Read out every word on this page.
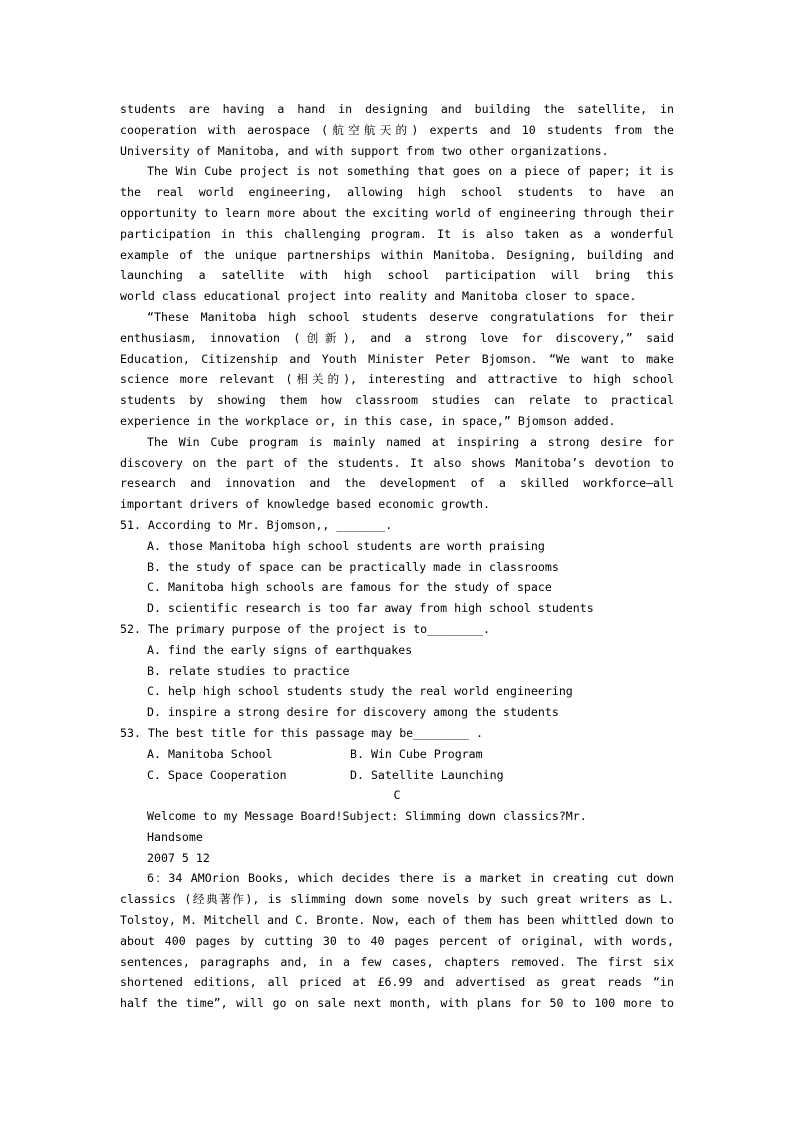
students are having a hand in designing and building the satellite, in
cooperation with aerospace (航空航天的) experts and 10 students from the
University of Manitoba, and with support from two other organizations.
The Win Cube project is not something that goes on a piece of paper; it is
the real world engineering, allowing high school students to have an
opportunity to learn more about the exciting world of engineering through their
participation in this challenging program. It is also taken as a wonderful
example of the unique partnerships within Manitoba. Designing, building and
launching a satellite with high school participation will bring this
world class educational project into reality and Manitoba closer to space.
“These Manitoba high school students deserve congratulations for their
enthusiasm, innovation (创新), and a strong love for discovery,” said
Education, Citizenship and Youth Minister Peter Bjomson. “We want to make
science more relevant (相关的), interesting and attractive to high school
students by showing them how classroom studies can relate to practical
experience in the workplace or, in this case, in space,” Bjomson added.
The Win Cube program is mainly named at inspiring a strong desire for
discovery on the part of the students. It also shows Manitoba’s devotion to
research and innovation and the development of a skilled workforce—all
important drivers of knowledge based economic growth.
51. According to Mr. Bjomson,, _______.
A. those Manitoba high school students are worth praising
B. the study of space can be practically made in classrooms
C. Manitoba high schools are famous for the study of space
D. scientific research is too far away from high school students
52. The primary purpose of the project is to________.
A. find the early signs of earthquakes
B. relate studies to practice
C. help high school students study the real world engineering
D. inspire a strong desire for discovery among the students
53. The best title for this passage may be________ .
A. Manitoba School	B. Win Cube Program
C. Space Cooperation	D. Satellite Launching
C
Welcome to my Message Board!Subject: Slimming down classics?Mr.
Handsome
2007 5 12
6：34 AMOrion Books, which decides there is a market in creating cut down
classics (经典著作), is slimming down some novels by such great writers as L.
Tolstoy, M. Mitchell and C. Bronte. Now, each of them has been whittled down to
about 400 pages by cutting 30 to 40 pages percent of original, with words,
sentences, paragraphs and, in a few cases, chapters removed. The first six
shortened editions, all priced at £6.99 and advertised as great reads “in
half the time”, will go on sale next month, with plans for 50 to 100 more to
